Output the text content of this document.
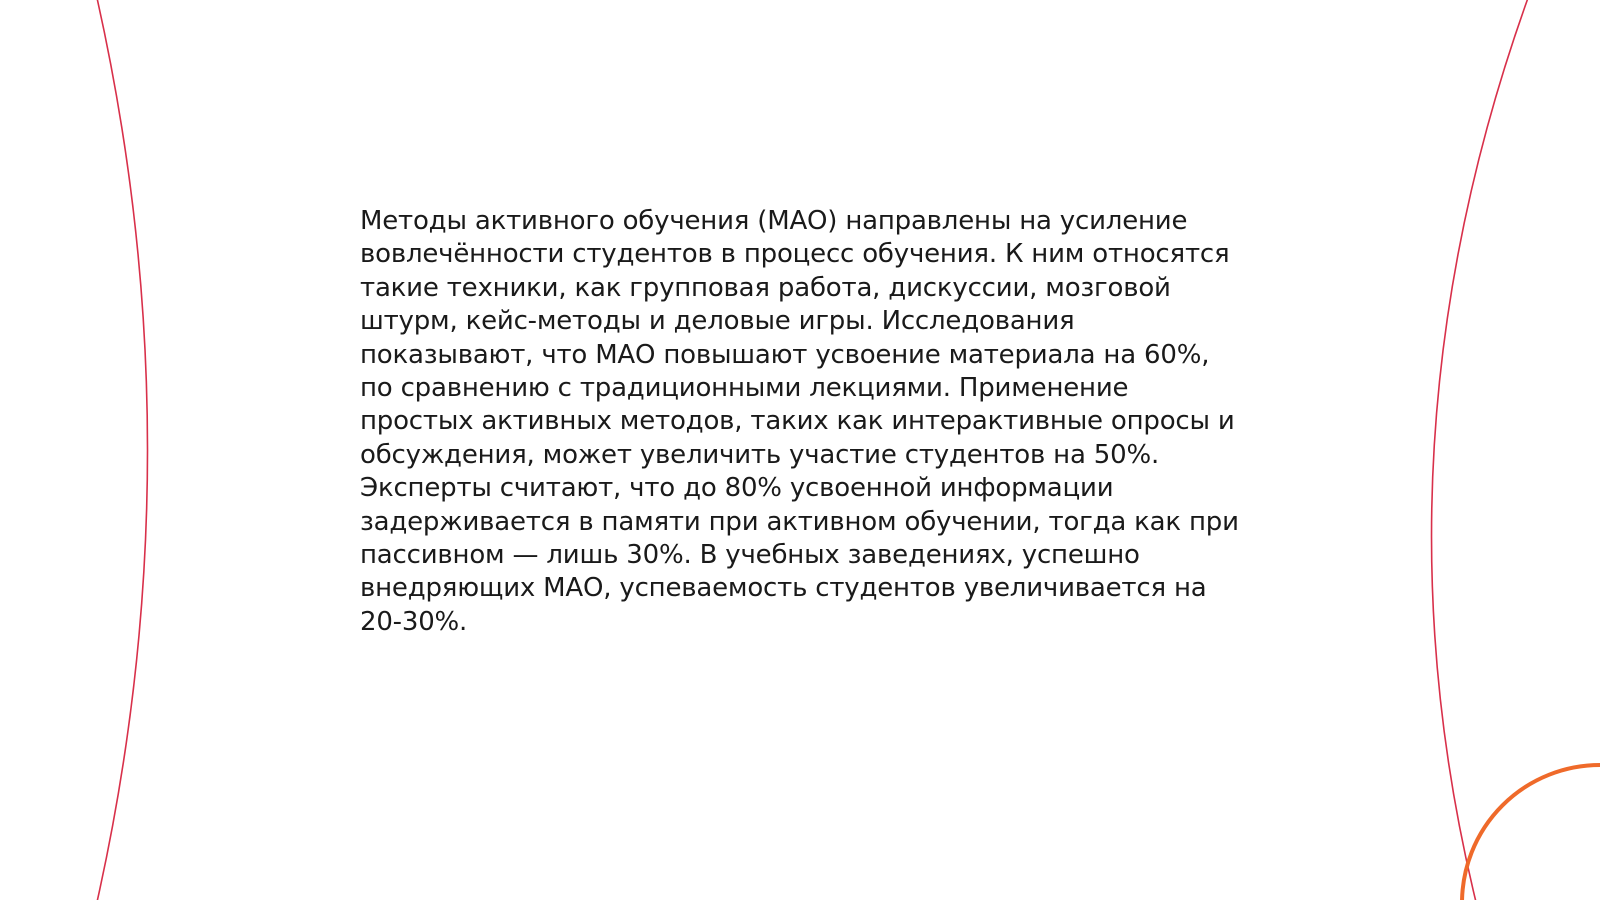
Методы активного обучения (МАО) направлены на усиление
вовлечённости студентов в процесс обучения. К ним относятся
такие техники, как групповая работа, дискуссии, мозговой
штурм, кейс-методы и деловые игры. Исследования
показывают, что МАО повышают усвоение материала на 60%,
по сравнению с традиционными лекциями. Применение
простых активных методов, таких как интерактивные опросы и
обсуждения, может увеличить участие студентов на 50%.
Эксперты считают, что до 80% усвоенной информации
задерживается в памяти при активном обучении, тогда как при
пассивном — лишь 30%. В учебных заведениях, успешно
внедряющих МАО, успеваемость студентов увеличивается на
20-30%.
